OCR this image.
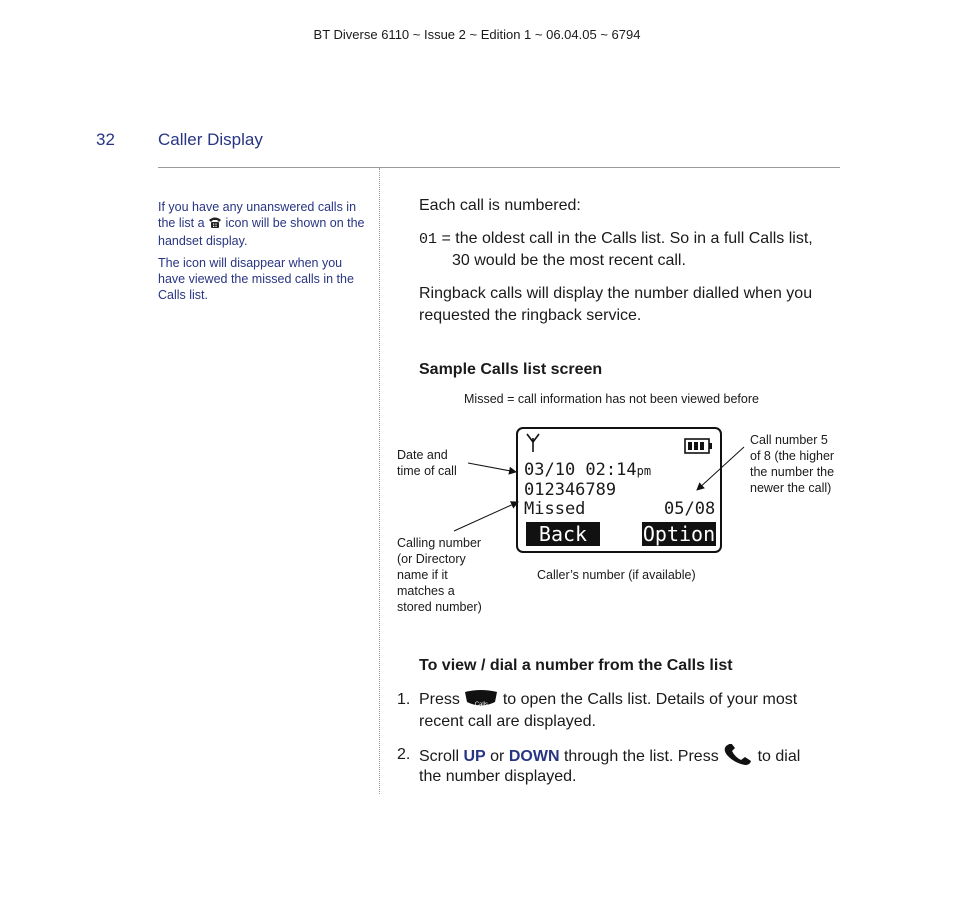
BT Diverse 6110 ~ Issue 2 ~ Edition 1 ~ 06.04.05 ~ 6794
32	Caller Display
If you have any unanswered calls in the list a icon will be shown on the handset display.
The icon will disappear when you have viewed the missed calls in the Calls list.
Each call is numbered:
01 = the oldest call in the Calls list. So in a full Calls list,
30 would be the most recent call.
Ringback calls will display the number dialled when you requested the ringback service.
Sample Calls list screen
Missed = call information has not been viewed before
Date and
time of call
Calling number
(or Directory
name if it
matches a
stored number)
Call number 5
of 8 (the higher
the number the
newer the call)
Caller’s number (if available)
03/10 02:14pm
012346789
Missed	05/08
Back	Option
To view / dial a number from the Calls list
1. Press	Calls to open the Calls list. Details of your most
recent call are displayed.
2. Scroll UP or DOWN through the list. Press to dial
the number displayed.
